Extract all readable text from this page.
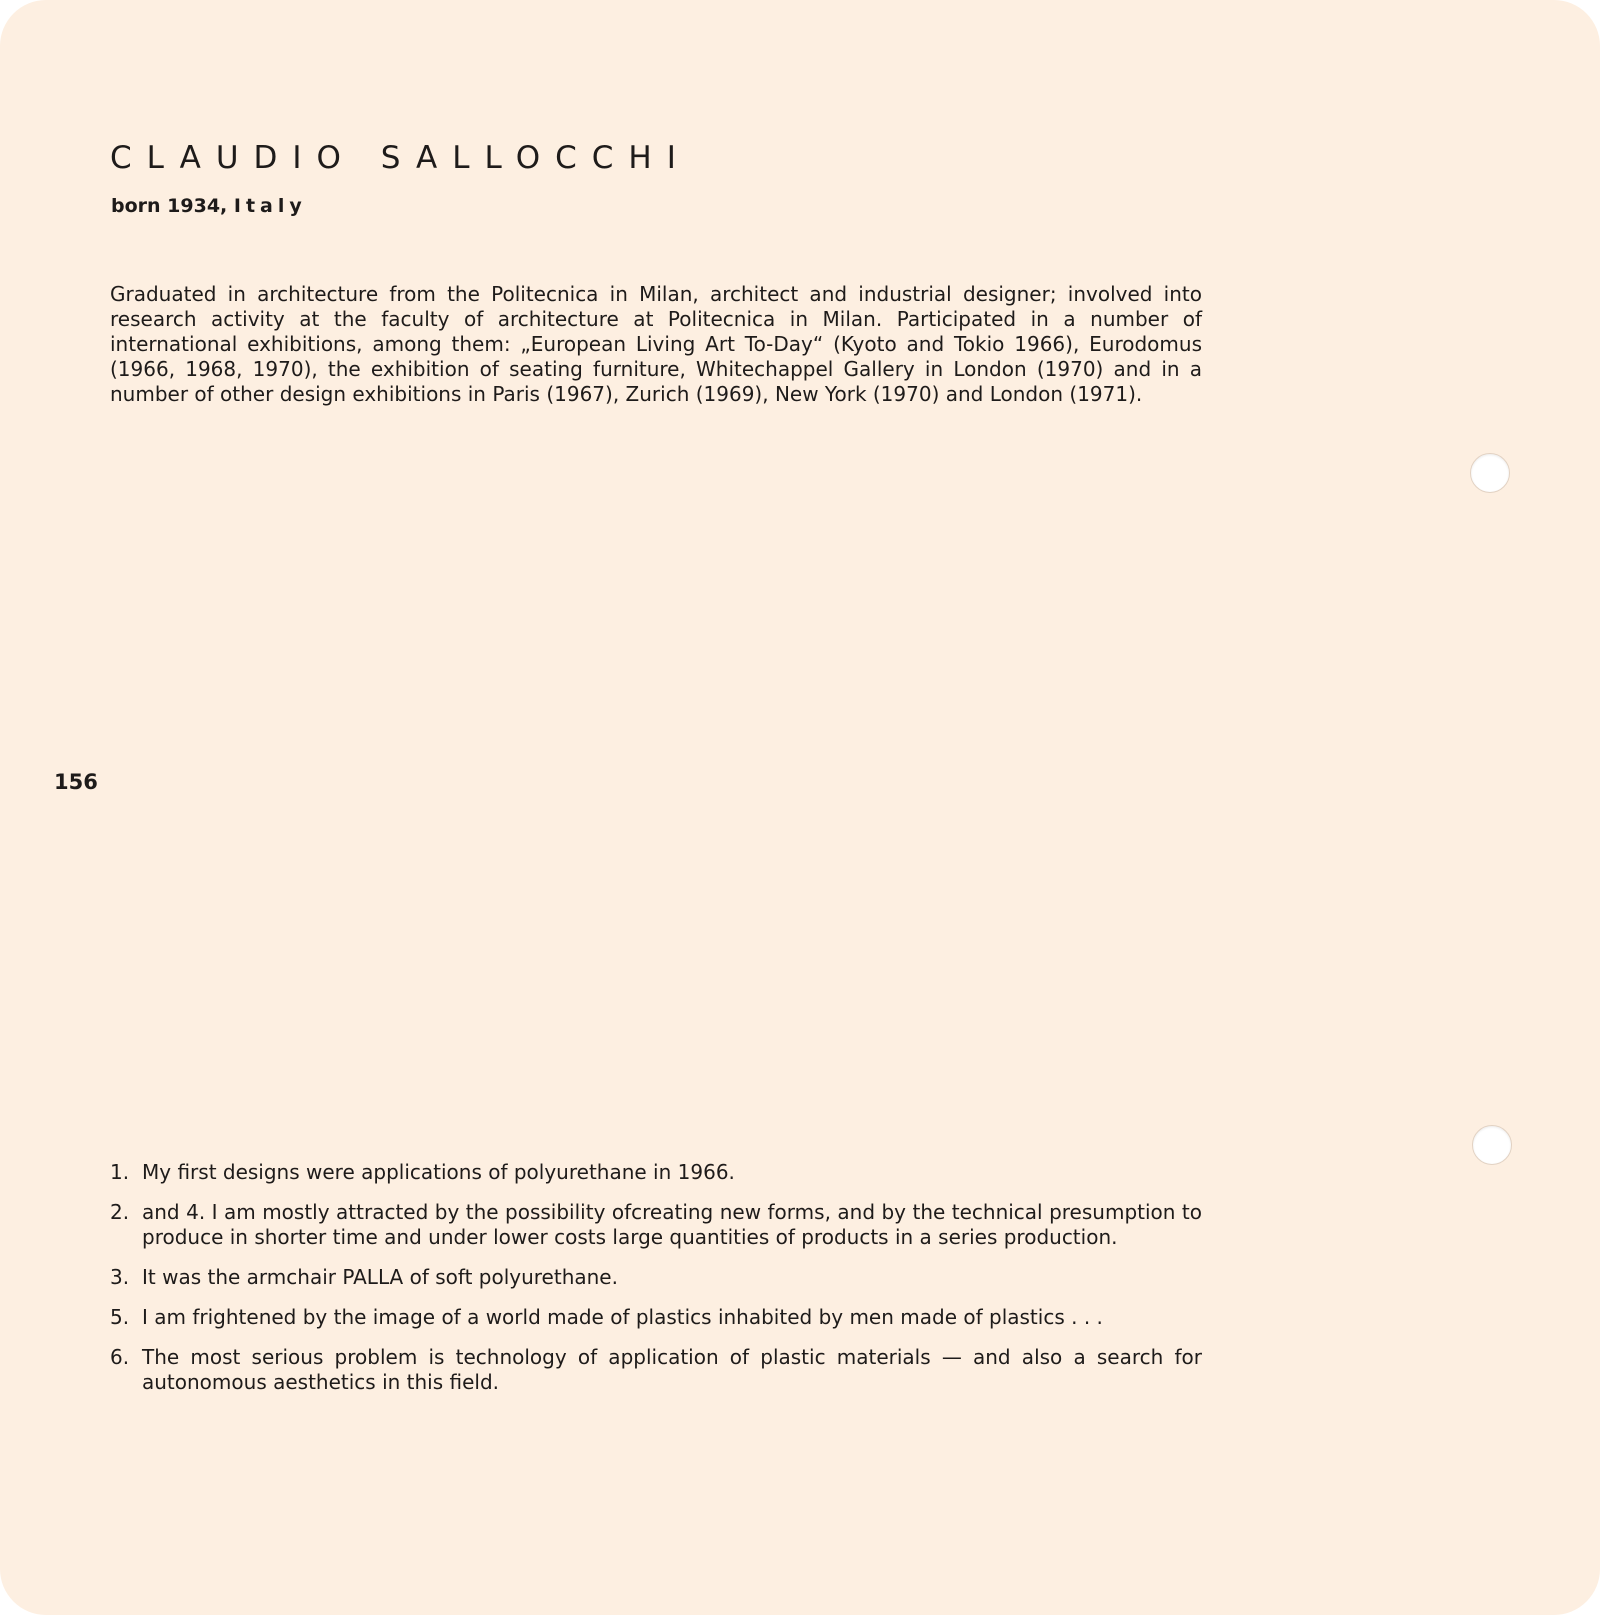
CLAUDIO SALLOCCHI
born 1934, Italy

Graduated in architecture from the Politecnica in Milan, architect and industrial designer; involved into research activity at the faculty of architecture at Politecnica in Milan. Participated in a number of international exhibitions, among them: „European Living Art To-Day“ (Kyoto and Tokio 1966), Eurodomus (1966, 1968, 1970), the exhibition of seating furniture, Whitechappel Gallery in London (1970) and in a number of other design exhibitions in Paris (1967), Zurich (1969), New York (1970) and London (1971).

156
1. My first designs were applications of polyurethane in 1966.
2. and 4. I am mostly attracted by the possibility ofcreating new forms, and by the technical presumption to produce in shorter time and under lower costs large quantities of products in a series production.
3. It was the armchair PALLA of soft polyurethane.
5. I am frightened by the image of a world made of plastics inhabited by men made of plastics . . .
6. The most serious problem is technology of application of plastic materials — and also a search for autonomous aesthetics in this field.
